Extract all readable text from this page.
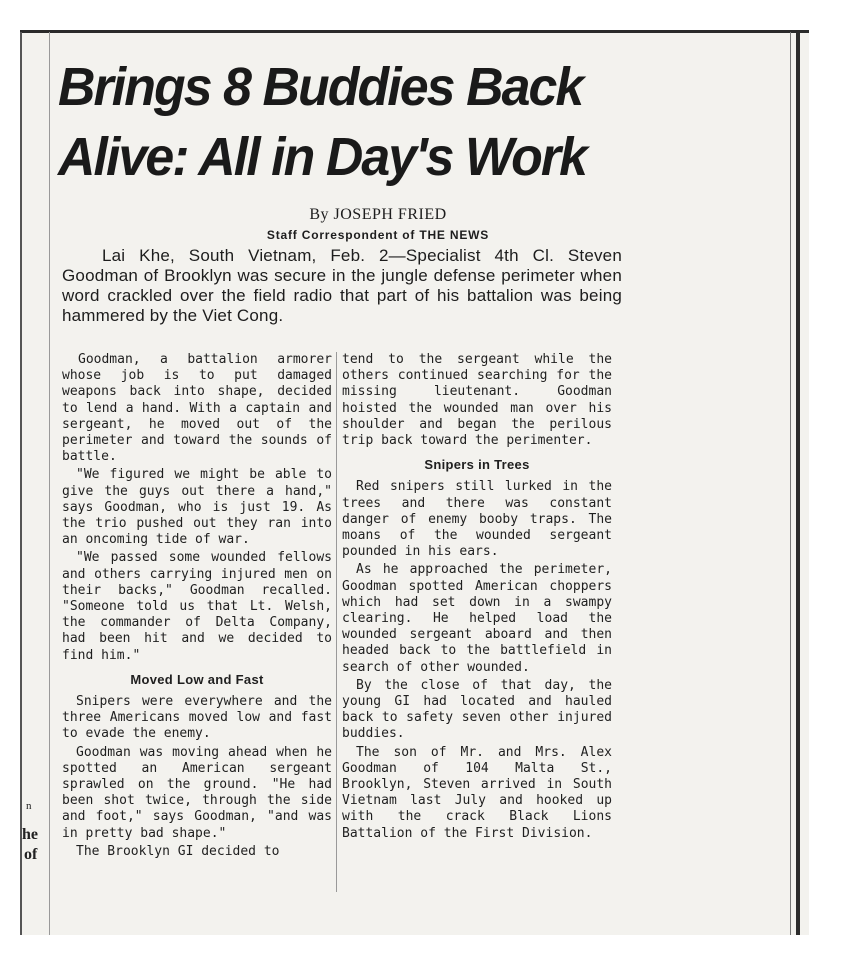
n
he
of
Brings 8 Buddies Back
Alive: All in Day's Work
By JOSEPH FRIED
Staff Correspondent of THE NEWS

Lai Khe, South Vietnam, Feb. 2—Specialist 4th Cl. Steven Goodman of Brooklyn was secure in the jungle defense perimeter when word crackled over the field radio that part of his battalion was being hammered by the Viet Cong.

Goodman, a battalion armorer whose job is to put damaged weapons back into shape, decided to lend a hand. With a captain and sergeant, he moved out of the perimeter and toward the sounds of battle.

"We figured we might be able to give the guys out there a hand," says Goodman, who is just 19. As the trio pushed out they ran into an oncoming tide of war.

"We passed some wounded fellows and others carrying injured men on their backs," Goodman recalled. "Someone told us that Lt. Welsh, the commander of Delta Company, had been hit and we decided to find him."

Moved Low and Fast

Snipers were everywhere and the three Americans moved low and fast to evade the enemy.

Goodman was moving ahead when he spotted an American sergeant sprawled on the ground. "He had been shot twice, through the side and foot," says Goodman, "and was in pretty bad shape."

The Brooklyn GI decided to

tend to the sergeant while the others continued searching for the missing lieutenant. Goodman hoisted the wounded man over his shoulder and began the perilous trip back toward the perimenter.

Snipers in Trees

Red snipers still lurked in the trees and there was constant danger of enemy booby traps. The moans of the wounded sergeant pounded in his ears.

As he approached the perimeter, Goodman spotted American choppers which had set down in a swampy clearing. He helped load the wounded sergeant aboard and then headed back to the battlefield in search of other wounded.

By the close of that day, the young GI had located and hauled back to safety seven other injured buddies.

The son of Mr. and Mrs. Alex Goodman of 104 Malta St., Brooklyn, Steven arrived in South Vietnam last July and hooked up with the crack Black Lions Battalion of the First Division.
